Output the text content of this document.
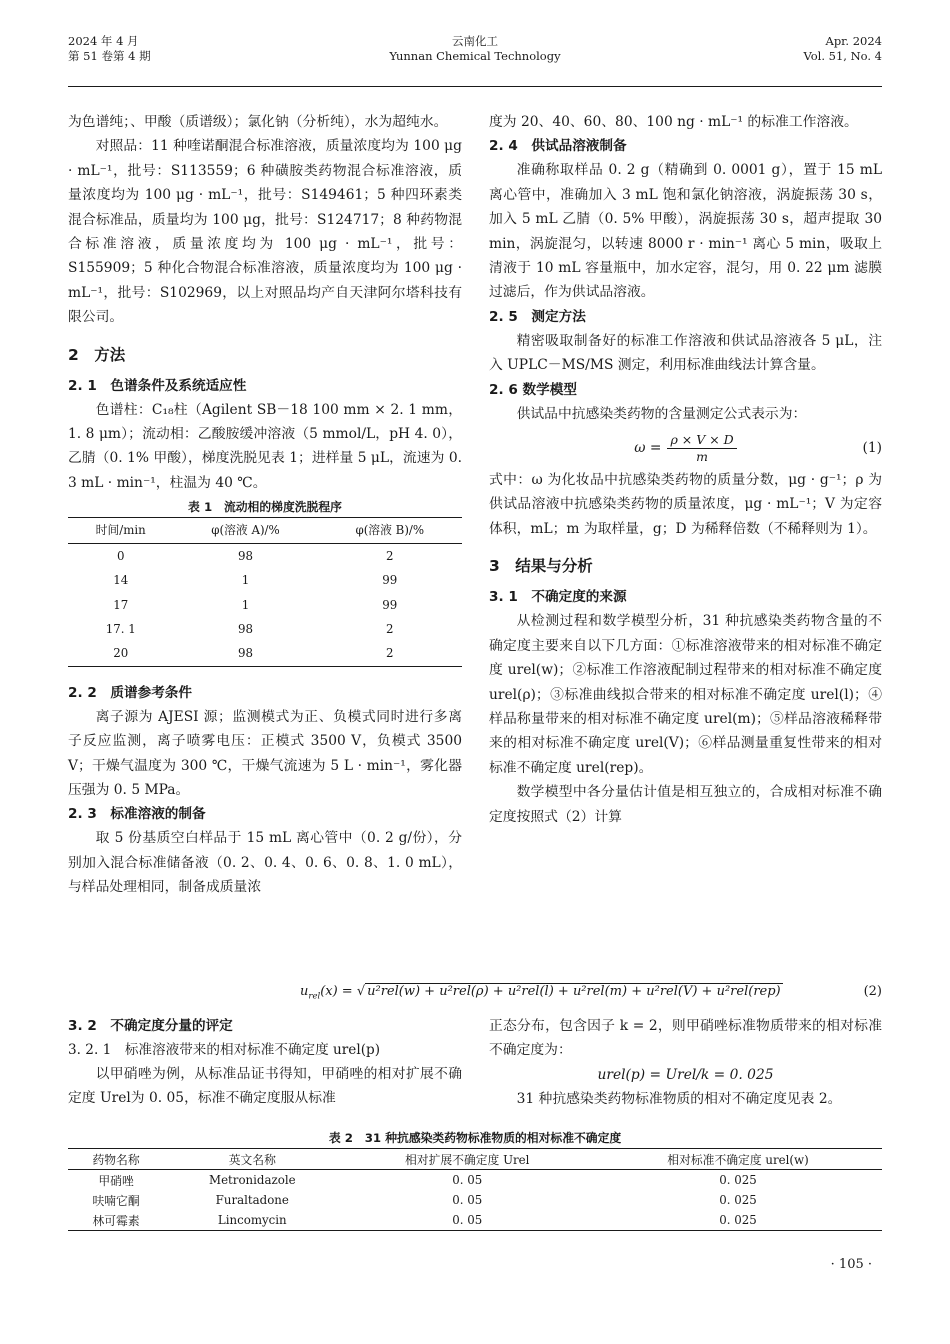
2024 年 4 月
第 51 卷第 4 期
云南化工
Yunnan Chemical Technology
Apr. 2024
Vol. 51, No. 4

为色谱纯；、甲酸（质谱级）；氯化钠（分析纯），水为超纯水。

对照品：11 种喹诺酮混合标准溶液，质量浓度均为 100 μg · mL⁻¹，批号：S113559；6 种磺胺类药物混合标准溶液，质量浓度均为 100 μg · mL⁻¹，批号：S149461；5 种四环素类混合标准品，质量均为 100 μg，批号：S124717；8 种药物混合标准溶液，质量浓度均为 100 μg · mL⁻¹，批号：S155909；5 种化合物混合标准溶液，质量浓度均为 100 μg · mL⁻¹，批号：S102969，以上对照品均产自天津阿尔塔科技有限公司。

2　方法
2. 1　色谱条件及系统适应性

色谱柱：C₁₈柱（Agilent SB－18 100 mm × 2. 1 mm，1. 8 μm）；流动相：乙酸胺缓冲溶液（5 mmol/L，pH 4. 0），乙腈（0. 1% 甲酸），梯度洗脱见表 1；进样量 5 μL，流速为 0. 3 mL · min⁻¹，柱温为 40 ℃。

表 1　流动相的梯度洗脱程序
时间/min	φ(溶液 A)/%	φ(溶液 B)/%
0	98	2
14	1	99
17	1	99
17. 1	98	2
20	98	2
2. 2　质谱参考条件

离子源为 AJESI 源；监测模式为正、负模式同时进行多离子反应监测，离子喷雾电压：正模式 3500 V，负模式 3500 V；干燥气温度为 300 ℃，干燥气流速为 5 L · min⁻¹，雾化器压强为 0. 5 MPa。

2. 3　标准溶液的制备

取 5 份基质空白样品于 15 mL 离心管中（0. 2 g/份），分别加入混合标准储备液（0. 2、0. 4、0. 6、0. 8、1. 0 mL），与样品处理相同，制备成质量浓

度为 20、40、60、80、100 ng · mL⁻¹ 的标准工作溶液。

2. 4　供试品溶液制备

准确称取样品 0. 2 g（精确到 0. 0001 g），置于 15 mL 离心管中，准确加入 3 mL 饱和氯化钠溶液，涡旋振荡 30 s，加入 5 mL 乙腈（0. 5% 甲酸），涡旋振荡 30 s，超声提取 30 min，涡旋混匀，以转速 8000 r · min⁻¹ 离心 5 min，吸取上清液于 10 mL 容量瓶中，加水定容，混匀，用 0. 22 μm 滤膜过滤后，作为供试品溶液。

2. 5　测定方法

精密吸取制备好的标准工作溶液和供试品溶液各 5 μL，注入 UPLC－MS/MS 测定，利用标准曲线法计算含量。

2. 6 数学模型

供试品中抗感染类药物的含量测定公式表示为：

$\omega = \frac{\rho \times V \times D}{m}$	(1)

式中：ω 为化妆品中抗感染类药物的质量分数，μg · g⁻¹；ρ 为供试品溶液中抗感染类药物的质量浓度，μg · mL⁻¹；V 为定容体积，mL；m 为取样量，g；D 为稀释倍数（不稀释则为 1）。

3　结果与分析
3. 1　不确定度的来源

从检测过程和数学模型分析，31 种抗感染类药物含量的不确定度主要来自以下几方面：①标准溶液带来的相对标准不确定度 urel(w)；②标准工作溶液配制过程带来的相对标准不确定度 urel(ρ)；③标准曲线拟合带来的相对标准不确定度 urel(l)；④样品称量带来的相对标准不确定度 urel(m)；⑤样品溶液稀释带来的相对标准不确定度 urel(V)；⑥样品测量重复性带来的相对标准不确定度 urel(rep)。

数学模型中各分量估计值是相互独立的，合成相对标准不确定度按照式（2）计算

$u_{rel}(x)$ = √ u²rel(w) + u²rel(ρ) + u²rel(l) + u²rel(m) + u²rel(V) + u²rel(rep)	(2)
3. 2　不确定度分量的评定
3. 2. 1　标准溶液带来的相对标准不确定度 urel(p)

以甲硝唑为例，从标准品证书得知，甲硝唑的相对扩展不确定度 Urel为 0. 05，标准不确定度服从标准

正态分布，包含因子 k = 2，则甲硝唑标准物质带来的相对标准不确定度为：

urel(p) = Urel/k = 0. 025

31 种抗感染类药物标准物质的相对不确定度见表 2。

表 2　31 种抗感染类药物标准物质的相对标准不确定度
药物名称	英文名称	相对扩展不确定度 Urel	相对标准不确定度 urel(w)
甲硝唑	Metronidazole	0. 05	0. 025
呋喃它酮	Furaltadone	0. 05	0. 025
林可霉素	Lincomycin	0. 05	0. 025
· 105 ·
